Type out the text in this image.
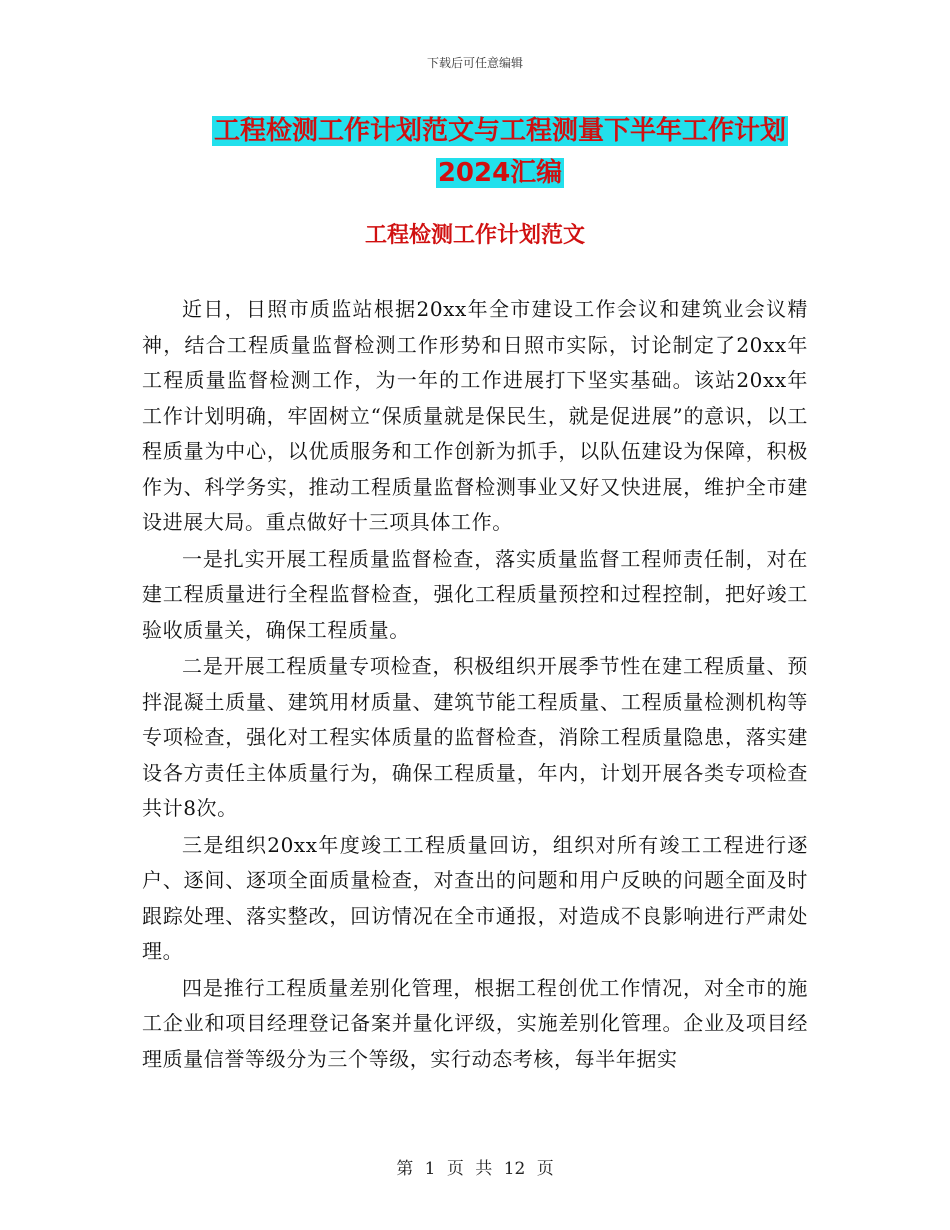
下载后可任意编辑
工程检测工作计划范文与工程测量下半年工作计划
2024汇编
工程检测工作计划范文

近日，日照市质监站根据20xx年全市建设工作会议和建筑业会议精神，结合工程质量监督检测工作形势和日照市实际，讨论制定了20xx年工程质量监督检测工作，为一年的工作进展打下坚实基础。该站20xx年工作计划明确，牢固树立“保质量就是保民生，就是促进展”的意识，以工程质量为中心，以优质服务和工作创新为抓手，以队伍建设为保障，积极作为、科学务实，推动工程质量监督检测事业又好又快进展，维护全市建设进展大局。重点做好十三项具体工作。

一是扎实开展工程质量监督检查，落实质量监督工程师责任制，对在建工程质量进行全程监督检查，强化工程质量预控和过程控制，把好竣工验收质量关，确保工程质量。

二是开展工程质量专项检查，积极组织开展季节性在建工程质量、预拌混凝土质量、建筑用材质量、建筑节能工程质量、工程质量检测机构等专项检查，强化对工程实体质量的监督检查，消除工程质量隐患，落实建设各方责任主体质量行为，确保工程质量，年内，计划开展各类专项检查共计8次。

三是组织20xx年度竣工工程质量回访，组织对所有竣工工程进行逐户、逐间、逐项全面质量检查，对查出的问题和用户反映的问题全面及时跟踪处理、落实整改，回访情况在全市通报，对造成不良影响进行严肃处理。

四是推行工程质量差别化管理，根据工程创优工作情况，对全市的施工企业和项目经理登记备案并量化评级，实施差别化管理。企业及项目经理质量信誉等级分为三个等级，实行动态考核，每半年据实

第 1 页 共 12 页
